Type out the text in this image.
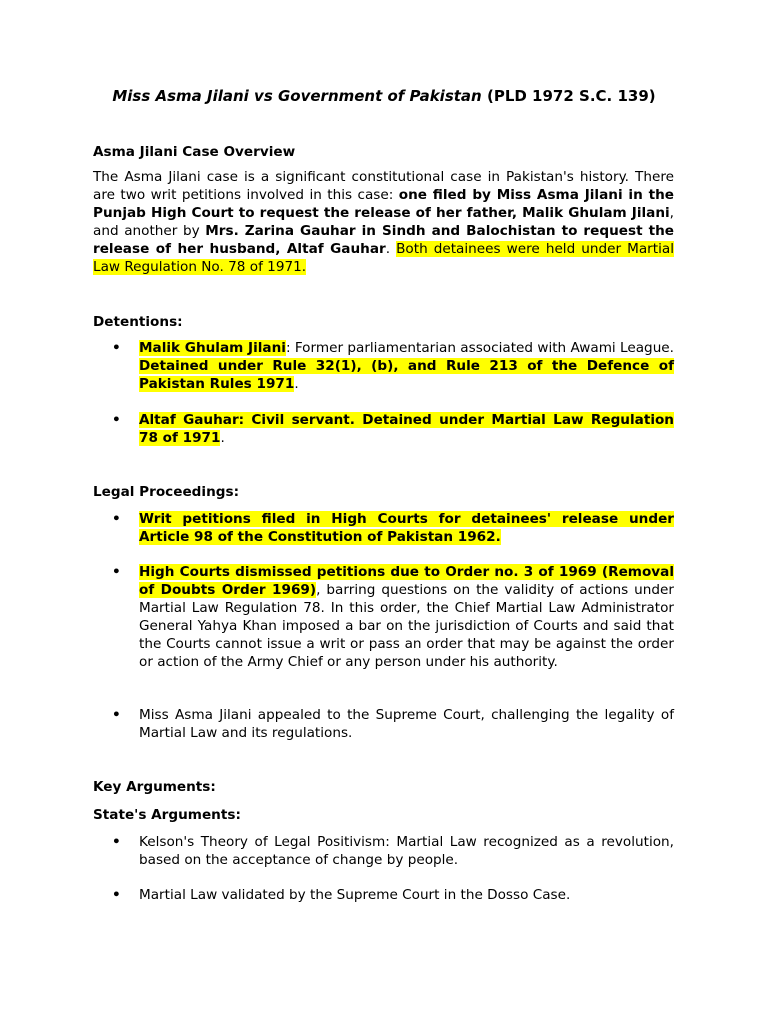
Miss Asma Jilani vs Government of Pakistan (PLD 1972 S.C. 139)
Asma Jilani Case Overview
The Asma Jilani case is a significant constitutional case in Pakistan's history. There are two writ petitions involved in this case: one filed by Miss Asma Jilani in the Punjab High Court to request the release of her father, Malik Ghulam Jilani, and another by Mrs. Zarina Gauhar in Sindh and Balochistan to request the release of her husband, Altaf Gauhar. Both detainees were held under Martial Law Regulation No. 78 of 1971.
Detentions:
• Malik Ghulam Jilani: Former parliamentarian associated with Awami League. Detained under Rule 32(1), (b), and Rule 213 of the Defence of Pakistan Rules 1971.
• Altaf Gauhar: Civil servant. Detained under Martial Law Regulation 78 of 1971.
Legal Proceedings:
• Writ petitions filed in High Courts for detainees' release under Article 98 of the Constitution of Pakistan 1962.
• High Courts dismissed petitions due to Order no. 3 of 1969 (Removal of Doubts Order 1969), barring questions on the validity of actions under Martial Law Regulation 78. In this order, the Chief Martial Law Administrator General Yahya Khan imposed a bar on the jurisdiction of Courts and said that the Courts cannot issue a writ or pass an order that may be against the order or action of the Army Chief or any person under his authority.
• Miss Asma Jilani appealed to the Supreme Court, challenging the legality of Martial Law and its regulations.
Key Arguments:
State's Arguments:
• Kelson's Theory of Legal Positivism: Martial Law recognized as a revolution, based on the acceptance of change by people.
• Martial Law validated by the Supreme Court in the Dosso Case.
